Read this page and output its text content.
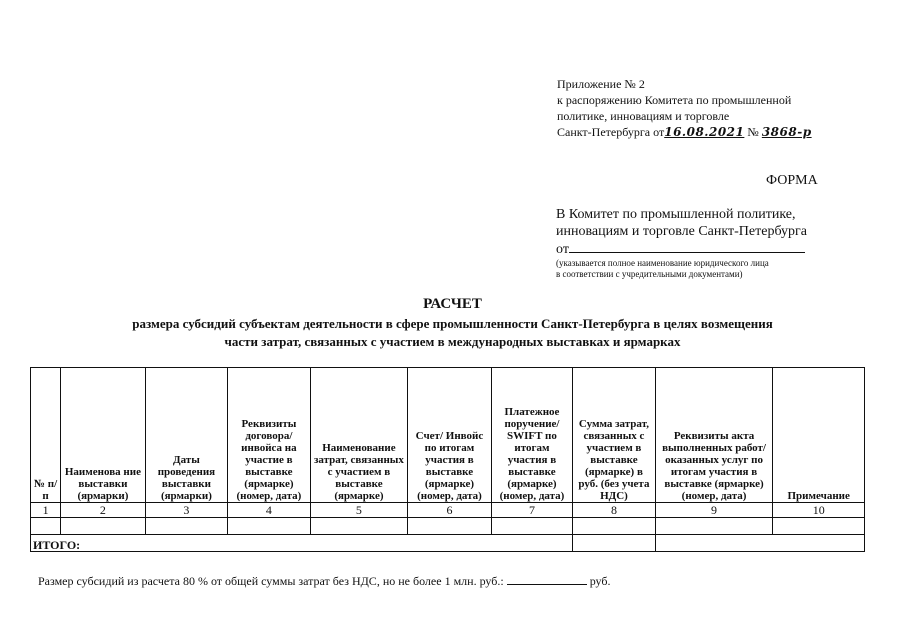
Приложение № 2
к распоряжению Комитета по промышленной
политике, инновациям и торговле
Санкт-Петербурга от16.08.2021 № 3868-р
ФОРМА
В Комитет по промышленной политике,
инновациям и торговле Санкт-Петербурга
от
(указывается полное наименование юридического лица
в соответствии с учредительными документами)
РАСЧЕТ
размера субсидий субъектам деятельности в сфере промышленности Санкт-Петербурга в целях возмещения
части затрат, связанных с участием в международных выставках и ярмарках
№ п/п	Наименова ние выставки (ярмарки)	Даты проведения выставки (ярмарки)	Реквизиты договора/ инвойса на участие в выставке (ярмарке) (номер, дата)	Наименование затрат, связанных с участием в выставке (ярмарке)	Счет/ Инвойс по итогам участия в выставке (ярмарке) (номер, дата)	Платежное поручение/ SWIFT по итогам участия в выставке (ярмарке) (номер, дата)	Сумма затрат, связанных с участием в выставке (ярмарке) в руб. (без учета НДС)	Реквизиты акта выполненных работ/оказанных услуг по итогам участия в выставке (ярмарке) (номер, дата)	Примечание
1	2	3	4	5	6	7	8	9	10

ИТОГО:									
Размер субсидий из расчета 80 % от общей суммы затрат без НДС, но не более 1 млн. руб.:	руб.
